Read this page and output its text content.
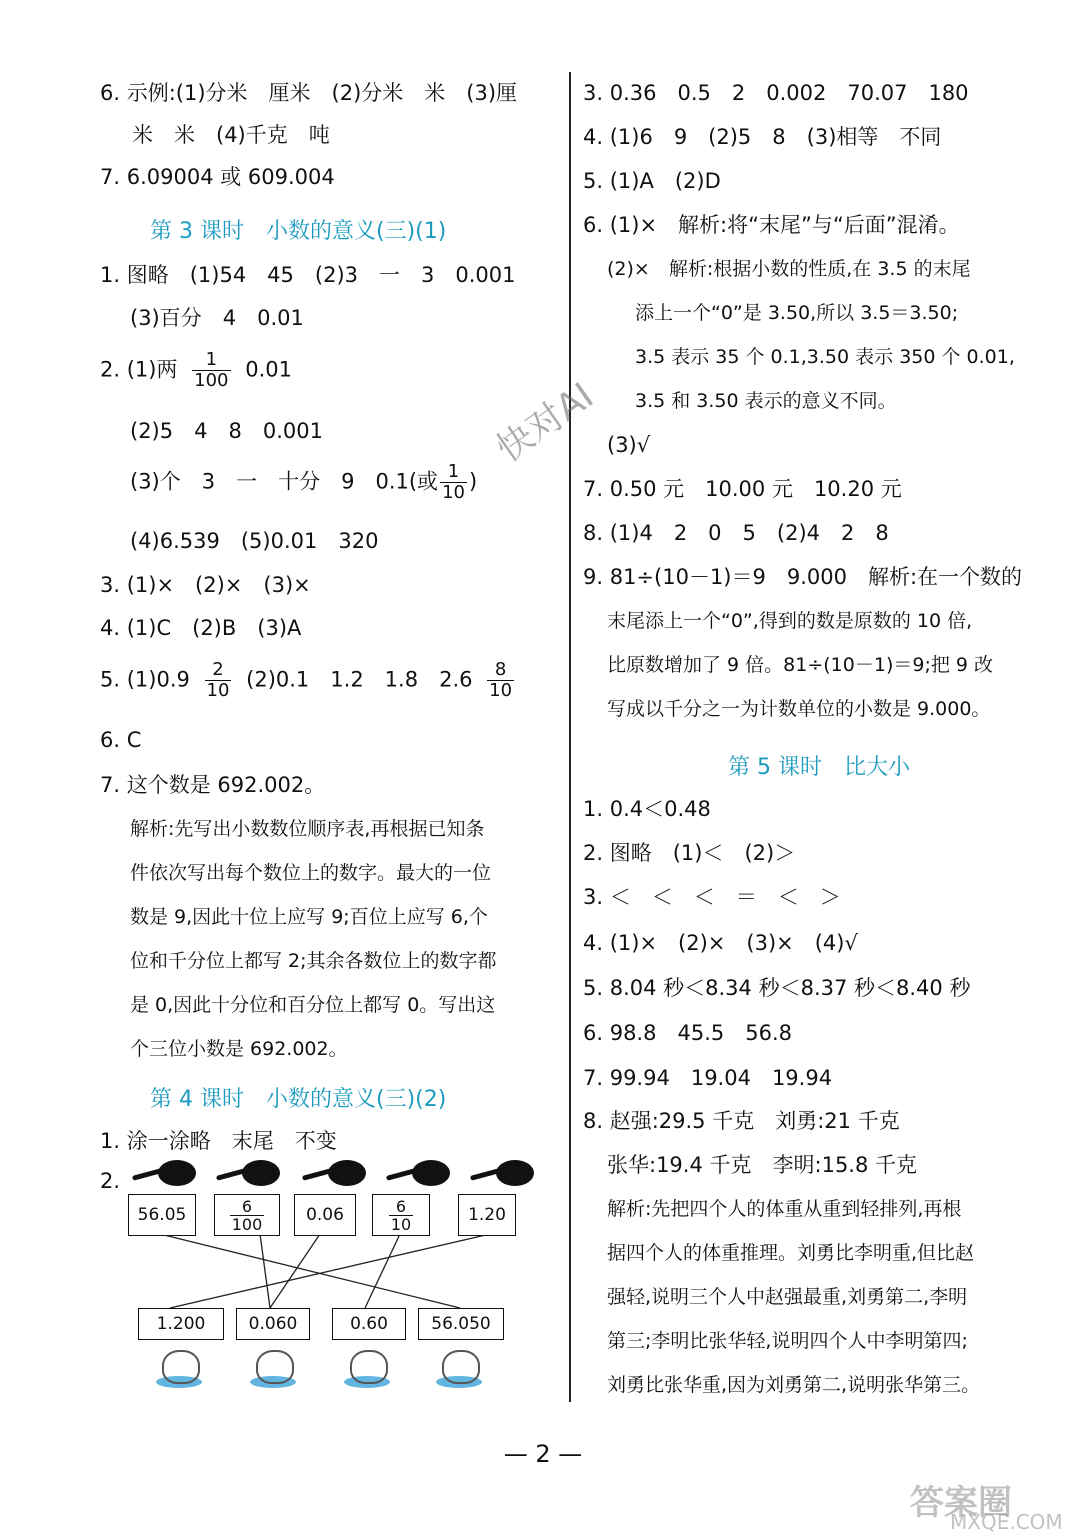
6. 示例:(1)分米　厘米　(2)分米　米　(3)厘
米　米　(4)千克　吨
7. 6.09004 或 609.004
第 3 课时　小数的意义(三)(1)
1. 图略　(1)54　45　(2)3　一　3　0.001
(3)百分　4　0.01
2. (1)两 $\frac{1}{100} 0.01$
(2)5　4　8　0.001
(3)个　3　一　十分　9　0.1(或 $\frac{1}{10}$ )
(4)6.539　(5)0.01　320
3. (1)×　(2)×　(3)×
4. (1)C　(2)B　(3)A
5. $(1)0.9 \frac{2}{10} (2)0.1$　1.2　1.8　$2.6 \frac{8}{10}$
6. C
7. 这个数是 692.002。
解析:先写出小数数位顺序表,再根据已知条
件依次写出每个数位上的数字。最大的一位
数是 9,因此十位上应写 9;百位上应写 6,个
位和千分位上都写 2;其余各数位上的数字都
是 0,因此十分位和百分位上都写 0。写出这
个三位小数是 692.002。
第 4 课时　小数的意义(三)(2)
1. 涂一涂略　末尾　不变
2.
56.05	$\frac{6}{100}$	0.06	$\frac{6}{10}$	1.20
1.200	0.060	0.60	56.050
3. 0.36　0.5　2　0.002　70.07　180
4. (1)6　9　(2)5　8　(3)相等　不同
5. (1)A　(2)D
6. (1)×　解析:将“末尾”与“后面”混淆。
(2)×　解析:根据小数的性质,在 3.5 的末尾
添上一个“0”是 3.50,所以 3.5＝3.50;
3.5 表示 35 个 0.1,3.50 表示 350 个 0.01,
3.5 和 3.50 表示的意义不同。
(3)√
7. 0.50 元　10.00 元　10.20 元
8. (1)4　2　0　5　(2)4　2　8
9. 81÷(10－1)＝9　9.000　解析:在一个数的
末尾添上一个“0”,得到的数是原数的 10 倍,
比原数增加了 9 倍。81÷(10－1)＝9;把 9 改
写成以千分之一为计数单位的小数是 9.000。
第 5 课时　比大小
1. 0.4＜0.48
2. 图略　(1)＜　(2)＞
3. ＜　＜　＜　＝　＜　＞
4. (1)×　(2)×　(3)×　(4)√
5. 8.04 秒＜8.34 秒＜8.37 秒＜8.40 秒
6. 98.8　45.5　56.8
7. 99.94　19.04　19.94
8. 赵强:29.5 千克　刘勇:21 千克
张华:19.4 千克　李明:15.8 千克
解析:先把四个人的体重从重到轻排列,再根
据四个人的体重推理。刘勇比李明重,但比赵
强轻,说明三个人中赵强最重,刘勇第二,李明
第三;李明比张华轻,说明四个人中李明第四;
刘勇比张华重,因为刘勇第二,说明张华第三。
快对AI
— 2 —
答案圈
MXQE.COM
